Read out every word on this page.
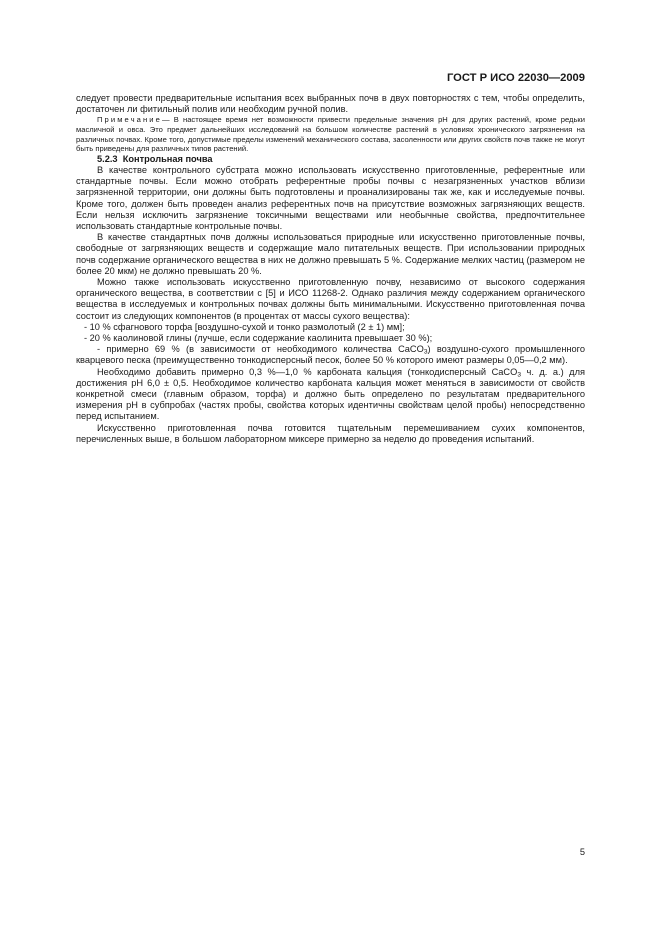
ГОСТ Р ИСО 22030—2009

следует провести предварительные испытания всех выбранных почв в двух повторностях с тем, чтобы определить, достаточен ли фитильный полив или необходим ручной полив.

Примечание— В настоящее время нет возможности привести предельные значения рН для других растений, кроме редьки масличной и овса. Это предмет дальнейших исследований на большом количестве растений в условиях хронического загрязнения на различных почвах. Кроме того, допустимые пределы изменений механического состава, засоленности или других свойств почв также не могут быть приведены для различных типов растений.

5.2.3 Контрольная почва

В качестве контрольного субстрата можно использовать искусственно приготовленные, референтные или стандартные почвы. Если можно отобрать референтные пробы почвы с незагрязненных участков вблизи загрязненной территории, они должны быть подготовлены и проанализированы так же, как и исследуемые почвы. Кроме того, должен быть проведен анализ референтных почв на присутствие возможных загрязняющих веществ. Если нельзя исключить загрязнение токсичными веществами или необычные свойства, предпочтительнее использовать стандартные контрольные почвы.

В качестве стандартных почв должны использоваться природные или искусственно приготовленные почвы, свободные от загрязняющих веществ и содержащие мало питательных веществ. При использовании природных почв содержание органического вещества в них не должно превышать 5 %. Содержание мелких частиц (размером не более 20 мкм) не должно превышать 20 %.

Можно также использовать искусственно приготовленную почву, независимо от высокого содержания органического вещества, в соответствии с [5] и ИСО 11268-2. Однако различия между содержанием органического вещества в исследуемых и контрольных почвах должны быть минимальными. Искусственно приготовленная почва состоит из следующих компонентов (в процентах от массы сухого вещества):

- 10 % сфагнового торфа [воздушно-сухой и тонко размолотый (2 ± 1) мм];

- 20 % каолиновой глины (лучше, если содержание каолинита превышает 30 %);

- примерно 69 % (в зависимости от необходимого количества CaCO$_3$) воздушно-сухого промышленного кварцевого песка (преимущественно тонкодисперсный песок, более 50 % которого имеют размеры 0,05—0,2 мм).

Необходимо добавить примерно 0,3 %—1,0 % карбоната кальция (тонкодисперсный CaCO$_3$ ч. д. а.) для достижения рН 6,0 ± 0,5. Необходимое количество карбоната кальция может меняться в зависимости от свойств конкретной смеси (главным образом, торфа) и должно быть определено по результатам предварительного измерения рН в субпробах (частях пробы, свойства которых идентичны свойствам целой пробы) непосредственно перед испытанием.

Искусственно приготовленная почва готовится тщательным перемешиванием сухих компонентов, перечисленных выше, в большом лабораторном миксере примерно за неделю до проведения испытаний.

5
